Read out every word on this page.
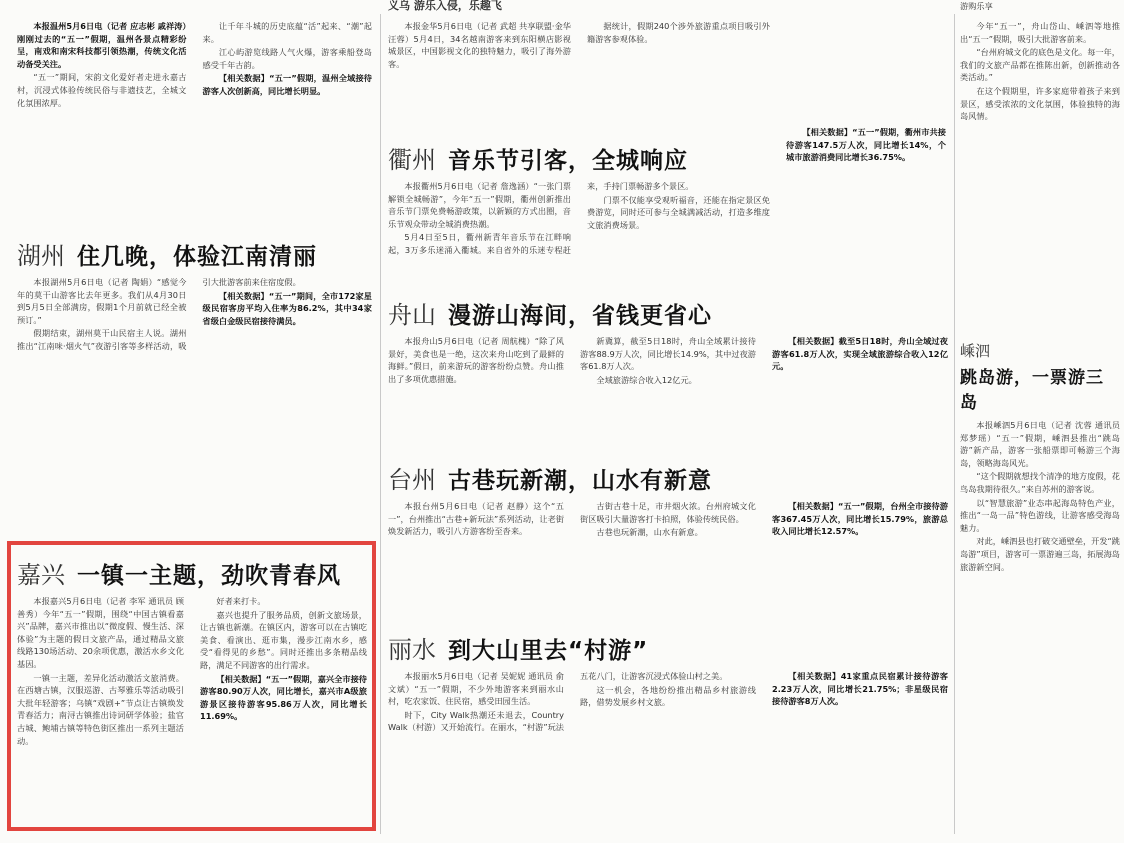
义乌 游乐入侵，乐趣飞	游购乐享

本报温州5月6日电（记者 应志彬 戚祥涛）刚刚过去的“五一”假期，温州各景点精彩纷呈，南戏和南宋科技都引领热潮，传统文化活动备受关注。

“五一”期间，宋韵文化爱好者走进永嘉古村，沉浸式体验传统民俗与非遗技艺，全城文化氛围浓厚。

让千年斗城的历史底蕴“活”起来、“潮”起来。

江心屿游览线路人气火爆，游客乘船登岛感受千年古韵。

【相关数据】“五一”假期，温州全域接待游客人次创新高，同比增长明显。

湖州 住几晚，体验江南清丽

本报湖州5月6日电（记者 陶娟）“感觉今年的莫干山游客比去年更多。我们从4月30日到5月5日全部满房，假期1个月前就已经全被预订。”

假期结束，湖州莫干山民宿主人说。湖州推出“江南味·烟火气”夜游引客等多样活动，吸引大批游客前来住宿度假。

【相关数据】“五一”期间，全市172家星级民宿客房平均入住率为86.2%，其中34家省级白金级民宿接待满员。

嘉兴 一镇一主题，劲吹青春风

本报嘉兴5月6日电（记者 李军 通讯员 顾善秀）今年“五一”假期，围绕“中国古镇看嘉兴”品牌，嘉兴市推出以“微度假、慢生活、深体验”为主题的假日文旅产品，通过精品文旅线路130场活动、20余项优惠，激活水乡文化基因。

一镇一主题，差异化活动激活文旅消费。在西塘古镇，汉服巡游、古琴雅乐等活动吸引大批年轻游客；乌镇“戏剧+”节点让古镇焕发青春活力；南浔古镇推出诗词研学体验；盐官古城、鲍埔古镇等特色街区推出一系列主题活动。

好者来打卡。

嘉兴也提升了服务品质，创新文旅场景，让古镇也新潮。在镇区内，游客可以在古镇吃美食、看演出、逛市集，漫步江南水乡，感受“看得见的乡愁”。同时还推出多条精品线路，满足不同游客的出行需求。

【相关数据】“五一”假期，嘉兴全市接待游客80.90万人次，同比增长，嘉兴市A级旅游景区接待游客95.86万人次，同比增长11.69%。

本报金华5月6日电（记者 武超 共享联盟·金华 汪蓉）5月4日，34名越南游客来到东阳横店影视城景区，中国影视文化的独特魅力，吸引了海外游客。

据统计，假期240个涉外旅游重点项目吸引外籍游客参观体验。

衢州 音乐节引客，全城响应

本报衢州5月6日电（记者 詹逸涵）“一张门票解锁全城畅游”，今年“五一”假期，衢州创新推出音乐节门票免费畅游政策，以新颖的方式出圈，音乐节观众带动全城消费热潮。

5月4日至5日，衢州新青年音乐节在江畔响起，3万多乐迷涌入衢城。来自省外的乐迷专程赶来，手持门票畅游多个景区。

门票不仅能享受观听福音，还能在指定景区免费游览，同时还可参与全城满减活动，打造多维度文旅消费场景。

【相关数据】“五一”假期，衢州市共接待游客147.5万人次，同比增长14%，个城市旅游消费同比增长36.75%。

舟山 漫游山海间，省钱更省心

本报舟山5月6日电（记者 周航槐）“除了风景好，美食也是一绝，这次来舟山吃到了最鲜的海鲜。”假日，前来游玩的游客纷纷点赞。舟山推出了多项优惠措施。

新冀算，截至5日18时，舟山全域累计接待游客88.9万人次，同比增长14.9%，其中过夜游客61.8万人次。

全域旅游综合收入12亿元。

【相关数据】截至5日18时，舟山全域过夜游客61.8万人次，实现全域旅游综合收入12亿元。

台州 古巷玩新潮，山水有新意

本报台州5月6日电（记者 赵静）这个“五一”，台州推出“古巷+新玩法”系列活动，让老街焕发新活力，吸引八方游客纷至沓来。

古街古巷十足，市井烟火浓。台州府城文化街区吸引大量游客打卡拍照，体验传统民俗。

古巷也玩新潮，山水有新意。

【相关数据】“五一”假期，台州全市接待游客367.45万人次，同比增长15.79%，旅游总收入同比增长12.57%。

丽水 到大山里去“村游”

本报丽水5月6日电（记者 吴妮妮 通讯员 俞文斌）“五一”假期，不少外地游客来到丽水山村，吃农家饭、住民宿，感受田园生活。

时下，City Walk热潮还未退去，Country Walk（村游）又开始流行。在丽水，“村游”玩法五花八门，让游客沉浸式体验山村之美。

这一机会，各地纷纷推出精品乡村旅游线路，借势发展乡村文旅。

【相关数据】41家重点民宿累计接待游客2.23万人次，同比增长21.75%；非星级民宿接待游客8万人次。

今年“五一”，舟山岱山、嵊泗等地推出“五一”假期，吸引大批游客前来。

“台州府城文化的底色是文化。每一年，我们的文旅产品都在推陈出新，创新推动各类活动。”

在这个假期里，许多家庭带着孩子来到景区，感受浓浓的文化氛围，体验独特的海岛风情。

嵊泗
跳岛游，一票游三岛

本报嵊泗5月6日电（记者 沈蓉 通讯员 郑梦瑶）“五一”假期，嵊泗县推出“跳岛游”新产品，游客一张船票即可畅游三个海岛，领略海岛风光。

“这个假期就想找个清净的地方度假，花鸟岛我期待很久。”来自苏州的游客说。

以“智慧旅游”业态串起海岛特色产业，推出“一岛一品”特色游线，让游客感受海岛魅力。

对此，嵊泗县也打破交通壁垒，开发“跳岛游”项目，游客可一票游遍三岛，拓展海岛旅游新空间。
